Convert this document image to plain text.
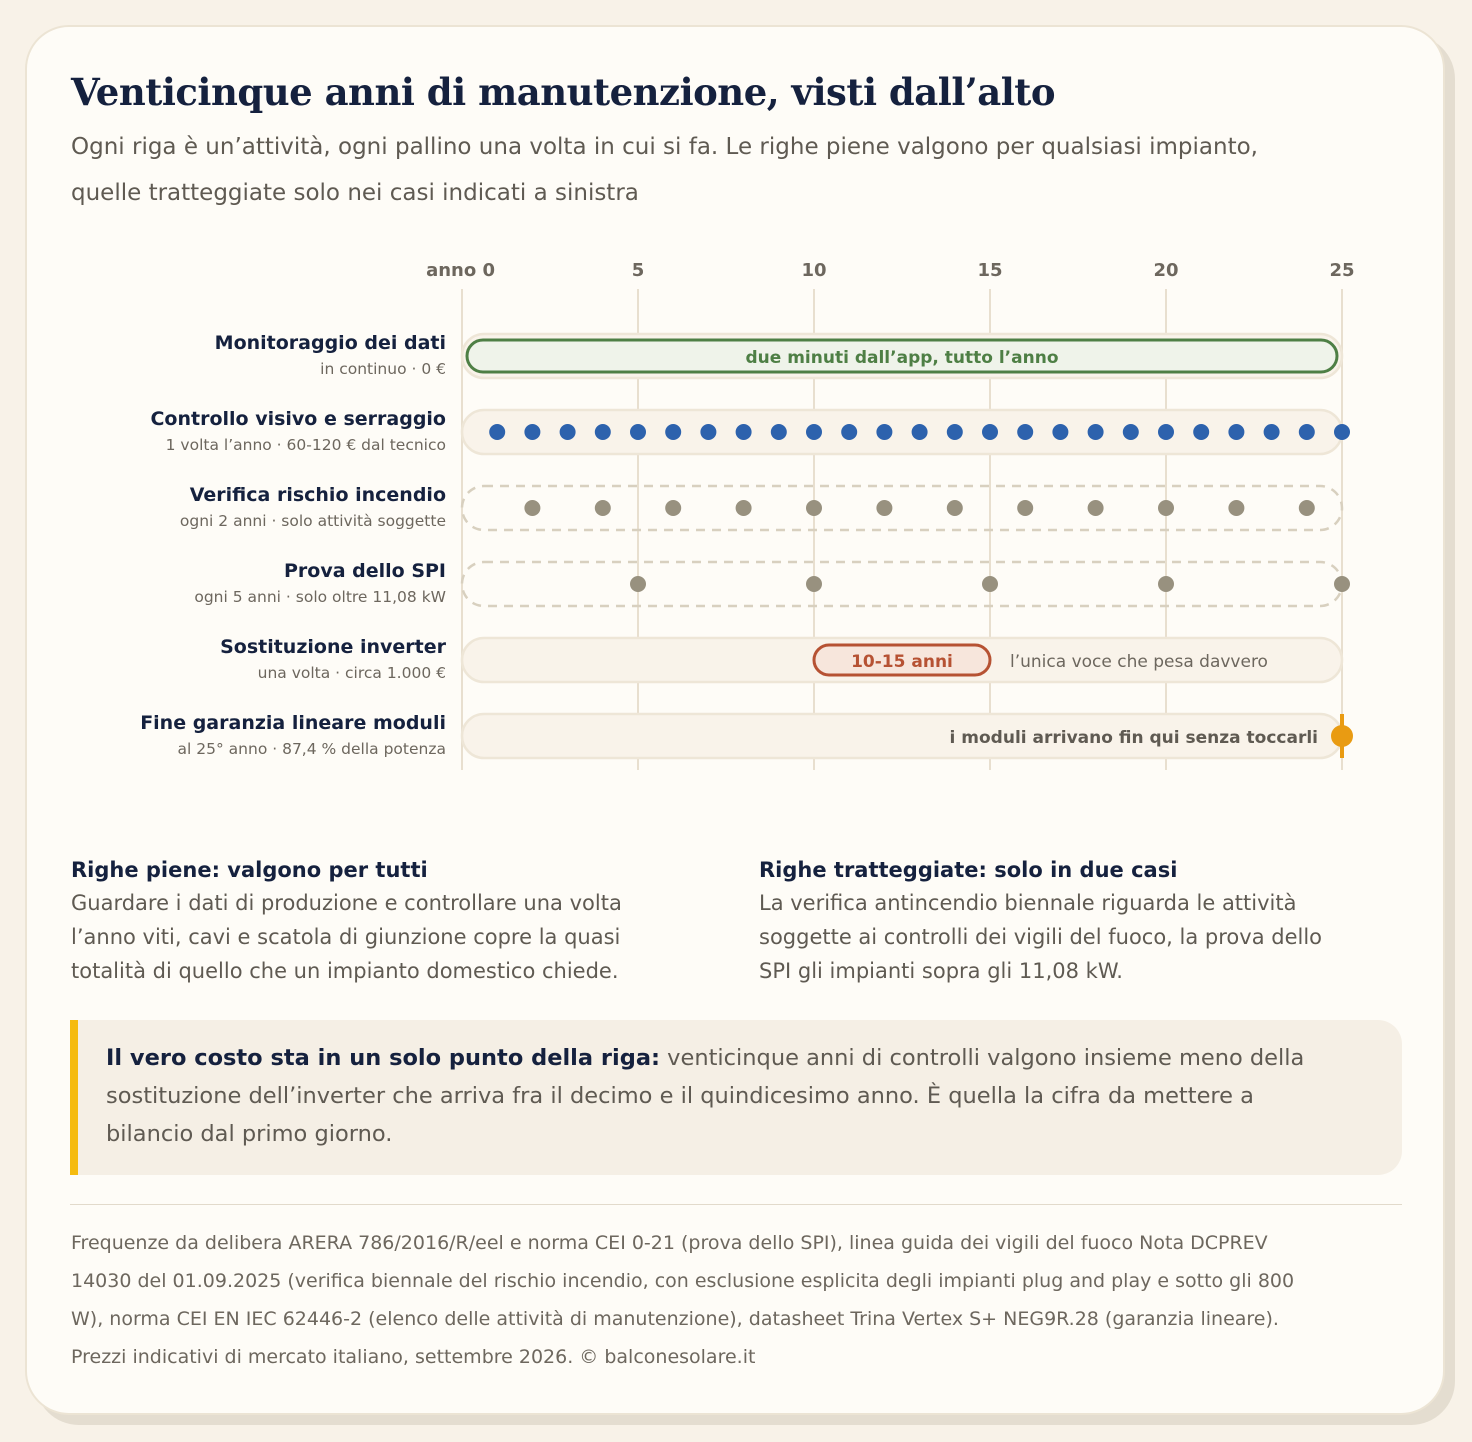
Venticinque anni di manutenzione, visti dall’alto
Ogni riga è un’attività, ogni pallino una volta in cui si fa. Le righe piene valgono per qualsiasi impianto,
quelle tratteggiate solo nei casi indicati a sinistra
anno 0	5	10	15	20	25
due minuti dall’app, tutto l’anno
10-15 anni	l’unica voce che pesa davvero
i moduli arrivano fin qui senza toccarli
Monitoraggio dei dati
in continuo · 0 €
Controllo visivo e serraggio
1 volta l’anno · 60-120 € dal tecnico
Verifica rischio incendio
ogni 2 anni · solo attività soggette
Prova dello SPI
ogni 5 anni · solo oltre 11,08 kW
Sostituzione inverter
una volta · circa 1.000 €
Fine garanzia lineare moduli
al 25° anno · 87,4 % della potenza
Righe piene: valgono per tutti

Guardare i dati di produzione e controllare una volta
l’anno viti, cavi e scatola di giunzione copre la quasi
totalità di quello che un impianto domestico chiede.

Righe tratteggiate: solo in due casi

La verifica antincendio biennale riguarda le attività
soggette ai controlli dei vigili del fuoco, la prova dello
SPI gli impianti sopra gli 11,08 kW.

Il vero costo sta in un solo punto della riga: venticinque anni di controlli valgono insieme meno della
sostituzione dell’inverter che arriva fra il decimo e il quindicesimo anno. È quella la cifra da mettere a
bilancio dal primo giorno.

Frequenze da delibera ARERA 786/2016/R/eel e norma CEI 0-21 (prova dello SPI), linea guida dei vigili del fuoco Nota DCPREV
14030 del 01.09.2025 (verifica biennale del rischio incendio, con esclusione esplicita degli impianti plug and play e sotto gli 800
W), norma CEI EN IEC 62446-2 (elenco delle attività di manutenzione), datasheet Trina Vertex S+ NEG9R.28 (garanzia lineare).
Prezzi indicativi di mercato italiano, settembre 2026. © balconesolare.it
